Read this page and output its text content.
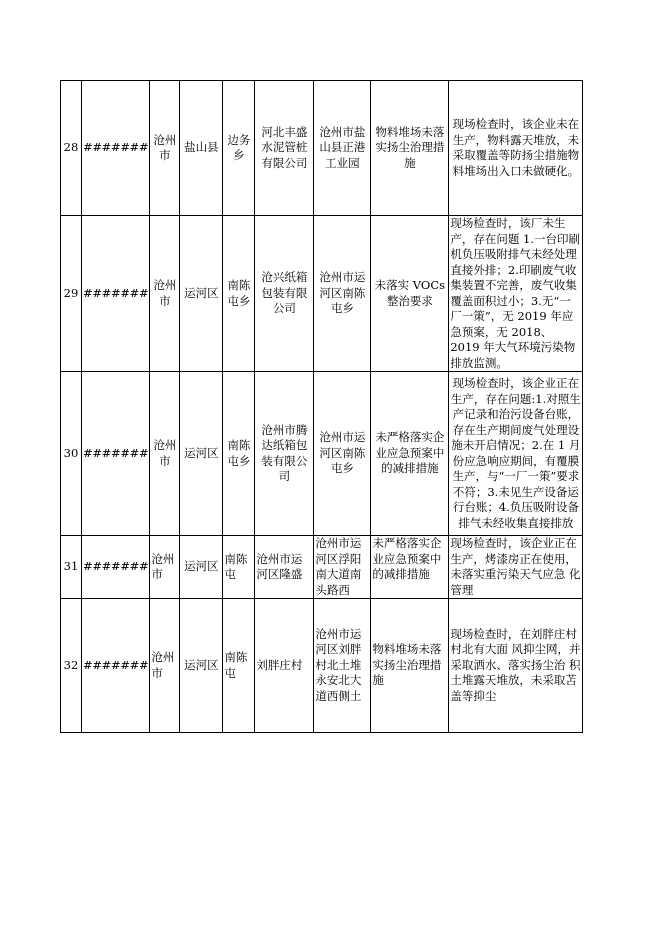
28	#######	沧州市	盐山县	边务乡	河北丰盛水泥管桩有限公司	沧州市盐山县正港工业园	物料堆场未落实扬尘治理措施	现场检查时，该企业未在生产，物料露天堆放，未采取覆盖等防扬尘措施物料堆场出入口未做硬化。
29	#######	沧州市	运河区	南陈屯乡	沧兴纸箱包装有限公司	沧州市运河区南陈屯乡	未落实 VOCs 整治要求	现场检查时，该厂未生产，存在问题 1.一台印刷机负压吸附排气未经处理直接外排；2.印刷废气收集装置不完善，废气收集覆盖面积过小；3.无“一厂一策”，无 2019 年应急预案，无 2018、2019 年大气环境污染物排放监测。
30	#######	沧州市	运河区	南陈屯乡	沧州市腾达纸箱包装有限公司	沧州市运河区南陈屯乡	未严格落实企业应急预案中的减排措施	现场检查时，该企业正在生产，存在问题:1.对照生产记录和治污设备台账，存在生产期间废气处理设施未开启情况；2.在 1 月份应急响应期间，有覆膜生产，与“一厂一策”要求不符；3.未见生产设备运行台账；4.负压吸附设备排气未经收集直接排放
31	#######	沧州市	运河区	南陈屯	沧州市运河区隆盛	沧州市运河区浮阳南大道南头路西	未严格落实企业应急预案中的减排措施	现场检查时，该企业正在生产，烤漆房正在使用，未落实重污染天气应急 化管理
32	#######	沧州市	运河区	南陈屯	刘胖庄村	沧州市运河区刘胖村北土堆永安北大道西侧土	物料堆场未落实扬尘治理措施	现场检查时，在刘胖庄村村北有大面 风抑尘网，并采取洒水、落实扬尘治 积土堆露天堆放，未采取苫盖等抑尘
